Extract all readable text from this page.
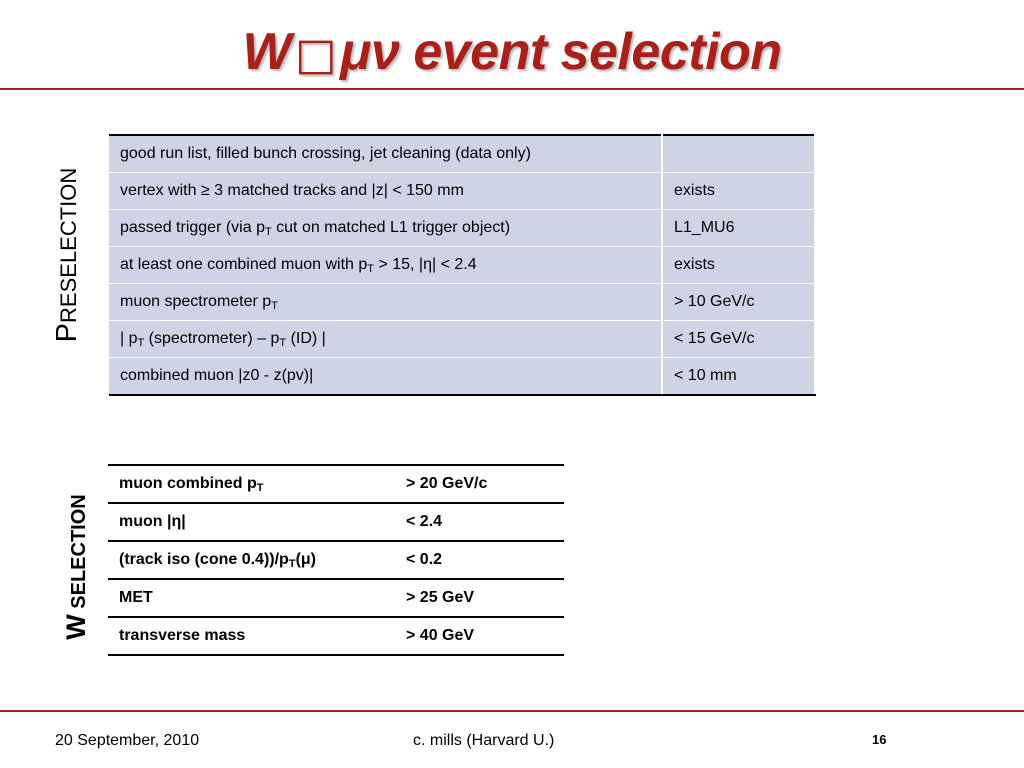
W□μν event selection
PRESELECTION
good run list, filled bunch crossing, jet cleaning (data only)	
vertex with ≥ 3 matched tracks and |z| < 150 mm	exists
passed trigger (via $p_T$ cut on matched L1 trigger object)	L1_MU6
at least one combined muon with $p_T > 15$, |η| < 2.4	exists
muon spectrometer $p_T$	> 10 GeV/c
| $p_T$ (spectrometer) – $p_T$ (ID) |	< 15 GeV/c
combined muon |z0 - z(pv)|	< 10 mm
W SELECTION
muon combined $p_T$	> 20 GeV/c
muon |η|	< 2.4
(track iso (cone $0.4))/p_T(\mu)$	< 0.2
MET	> 25 GeV
transverse mass	> 40 GeV
20 September, 2010	c. mills (Harvard U.)	16
